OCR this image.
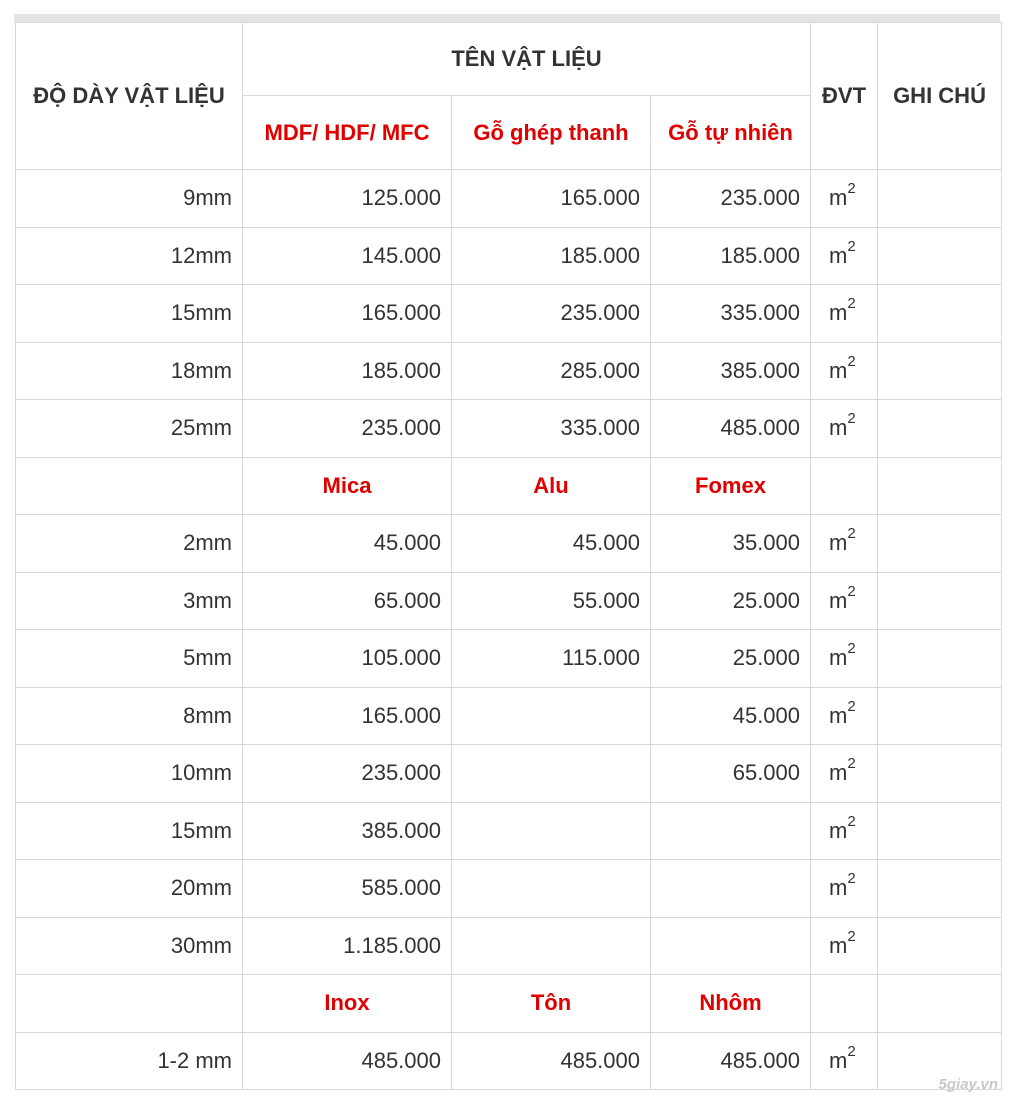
ĐỘ DÀY VẬT LIỆU	TÊN VẬT LIỆU			ĐVT	GHI CHÚ
	MDF/ HDF/ MFC	Gỗ ghép thanh	Gỗ tự nhiên		
9mm	125.000	165.000	235.000	$m^2$	
12mm	145.000	185.000	185.000	$m^2$	
15mm	165.000	235.000	335.000	$m^2$	
18mm	185.000	285.000	385.000	$m^2$	
25mm	235.000	335.000	485.000	$m^2$	
	Mica	Alu	Fomex		
2mm	45.000	45.000	35.000	$m^2$	
3mm	65.000	55.000	25.000	$m^2$	
5mm	105.000	115.000	25.000	$m^2$	
8mm	165.000		45.000	$m^2$	
10mm	235.000		65.000	$m^2$	
15mm	385.000			$m^2$	
20mm	585.000			$m^2$	
30mm	1.185.000			$m^2$	
	Inox	Tôn	Nhôm		
1-2 mm	485.000	485.000	485.000	$m^2$	
5giay.vn
